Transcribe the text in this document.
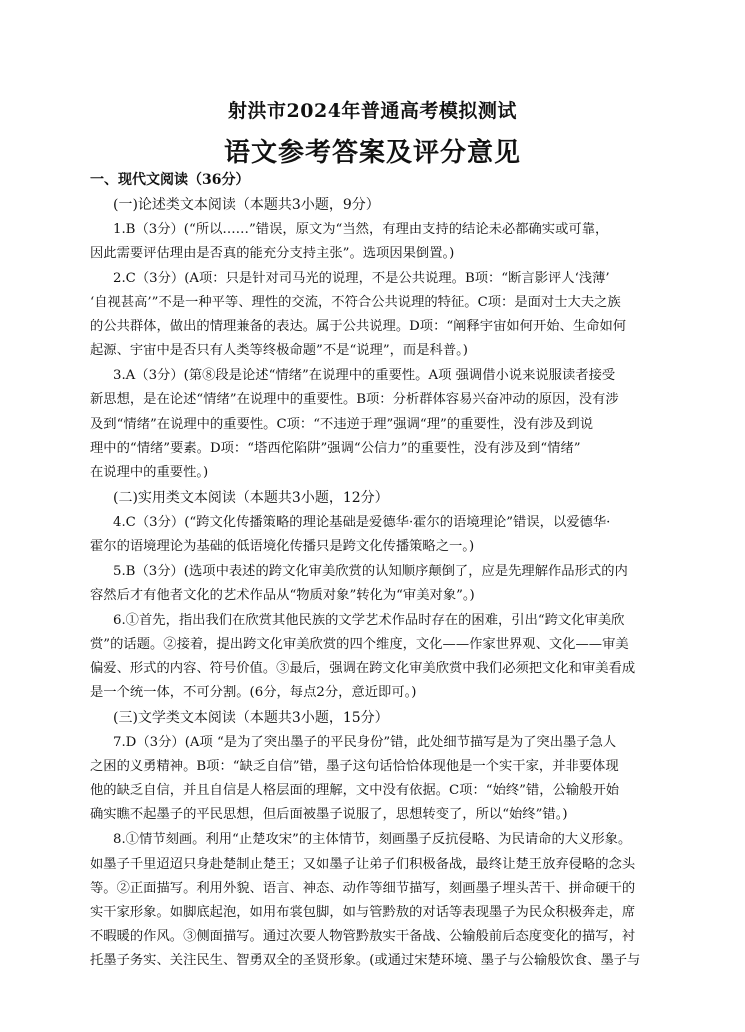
射洪市2024年普通高考模拟测试
语文参考答案及评分意见
一、现代文阅读（36分）
(一)论述类文本阅读（本题共3小题，9分）
1.B（3分）(“所以……”错误，原文为“当然，有理由支持的结论未必都确实或可靠，
因此需要评估理由是否真的能充分支持主张”。选项因果倒置。)
2.C（3分）(A项：只是针对司马光的说理，不是公共说理。B项：“断言影评人‘浅薄’
‘自视甚高’”不是一种平等、理性的交流，不符合公共说理的特征。C项：是面对士大夫之族
的公共群体，做出的情理兼备的表达。属于公共说理。D项：“阐释宇宙如何开始、生命如何
起源、宇宙中是否只有人类等终极命题”不是“说理”，而是科普。)
3.A（3分）(第⑧段是论述“情绪”在说理中的重要性。A项 强调借小说来说服读者接受
新思想，是在论述“情绪”在说理中的重要性。B项：分析群体容易兴奋冲动的原因，没有涉
及到“情绪”在说理中的重要性。C项：“不违逆于理”强调“理”的重要性，没有涉及到说
理中的“情绪”要素。D项：“塔西佗陷阱”强调“公信力”的重要性，没有涉及到“情绪”
在说理中的重要性。)
(二)实用类文本阅读（本题共3小题，12分）
4.C（3分）(“跨文化传播策略的理论基础是爱德华·霍尔的语境理论”错误，以爱德华·
霍尔的语境理论为基础的低语境化传播只是跨文化传播策略之一。)
5.B（3分）(选项中表述的跨文化审美欣赏的认知顺序颠倒了，应是先理解作品形式的内
容然后才有他者文化的艺术作品从“物质对象”转化为“审美对象”。)
6.①首先，指出我们在欣赏其他民族的文学艺术作品时存在的困难，引出“跨文化审美欣
赏”的话题。②接着，提出跨文化审美欣赏的四个维度，文化——作家世界观、文化——审美
偏爱、形式的内容、符号价值。③最后，强调在跨文化审美欣赏中我们必须把文化和审美看成
是一个统一体，不可分割。(6分，每点2分，意近即可。)
(三)文学类文本阅读（本题共3小题，15分）
7.D（3分）(A项 “是为了突出墨子的平民身份”错，此处细节描写是为了突出墨子急人
之困的义勇精神。B项：“缺乏自信”错，墨子这句话恰恰体现他是一个实干家，并非要体现
他的缺乏自信，并且自信是人格层面的理解，文中没有依据。C项：“始终”错，公输般开始
确实瞧不起墨子的平民思想，但后面被墨子说服了，思想转变了，所以“始终”错。)
8.①情节刻画。利用“止楚攻宋”的主体情节，刻画墨子反抗侵略、为民请命的大义形象。
如墨子千里迢迢只身赴楚制止楚王；又如墨子让弟子们积极备战，最终让楚王放弃侵略的念头
等。②正面描写。利用外貌、语言、神态、动作等细节描写，刻画墨子埋头苦干、拼命硬干的
实干家形象。如脚底起泡，如用布裳包脚，如与管黔敖的对话等表现墨子为民众积极奔走，席
不暇暖的作风。③侧面描写。通过次要人物管黔敖实干备战、公输般前后态度变化的描写，衬
托墨子务实、关注民生、智勇双全的圣贤形象。(或通过宋楚环境、墨子与公输般饮食、墨子与
